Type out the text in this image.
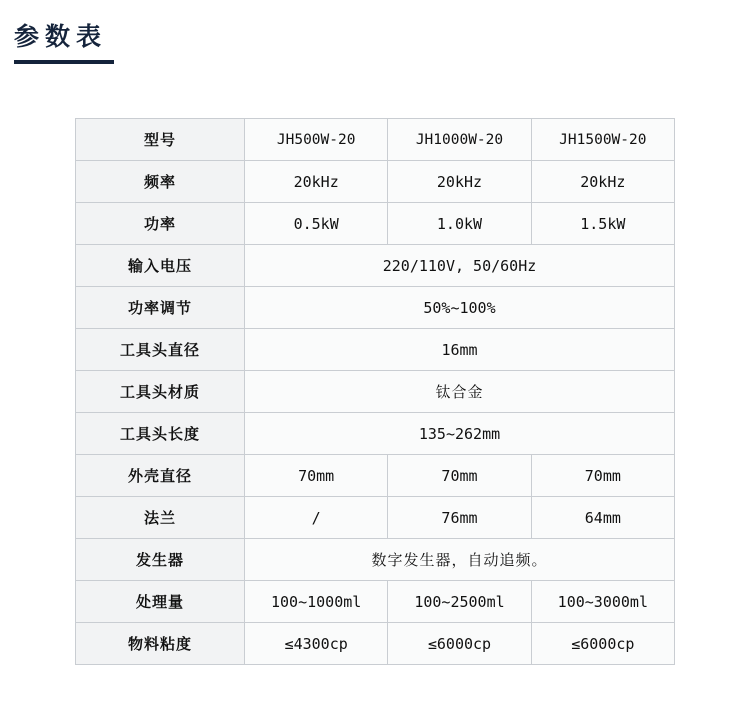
参数表
型号	JH500W-20	JH1000W-20	JH1500W-20
频率	20kHz	20kHz	20kHz
功率	0.5kW	1.0kW	1.5kW
输入电压	220/110V, 50/60Hz		
功率调节	50%~100%		
工具头直径	16mm		
工具头材质	钛合金		
工具头长度	135~262mm		
外壳直径	70mm	70mm	70mm
法兰	/	76mm	64mm
发生器	数字发生器，自动追频。		
处理量	100~1000ml	100~2500ml	100~3000ml
物料粘度	≤4300cp	≤6000cp	≤6000cp
